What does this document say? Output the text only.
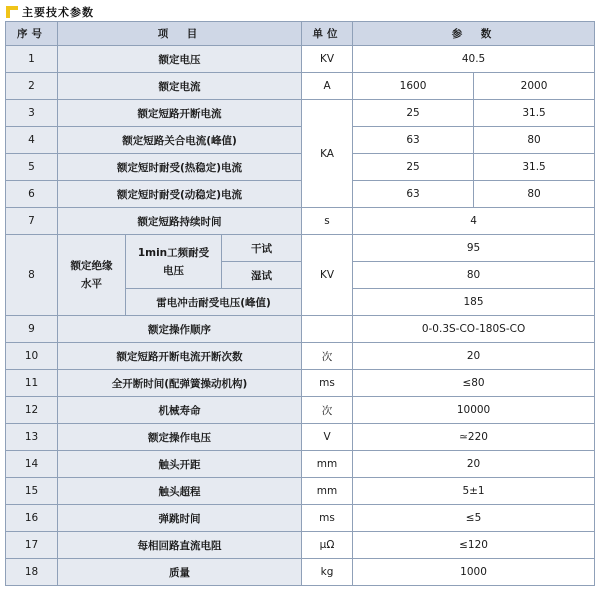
主要技术参数
序号	项　目			单位	参　数	
1	额定电压			KV	40.5	
2	额定电流			A	1600	2000
3	额定短路开断电流			KA	25	31.5
4	额定短路关合电流(峰值)				63	80
5	额定短时耐受(热稳定)电流				25	31.5
6	额定短时耐受(动稳定)电流				63	80
7	额定短路持续时间			s	4	
8	额定绝缘水平	1min工频耐受电压	干试	KV	95	
			湿试		80	
		雷电冲击耐受电压(峰值)			185	
9	额定操作顺序				0-0.3S-CO-180S-CO	
10	额定短路开断电流开断次数			次	20	
11	全开断时间(配弹簧操动机构)			ms	≤80	
12	机械寿命			次	10000	
13	额定操作电压			V	≃220	
14	触头开距			mm	20	
15	触头超程			mm	5±1	
16	弹跳时间			ms	≤5	
17	每相回路直流电阻			μΩ	≤120	
18	质量			kg	1000	
